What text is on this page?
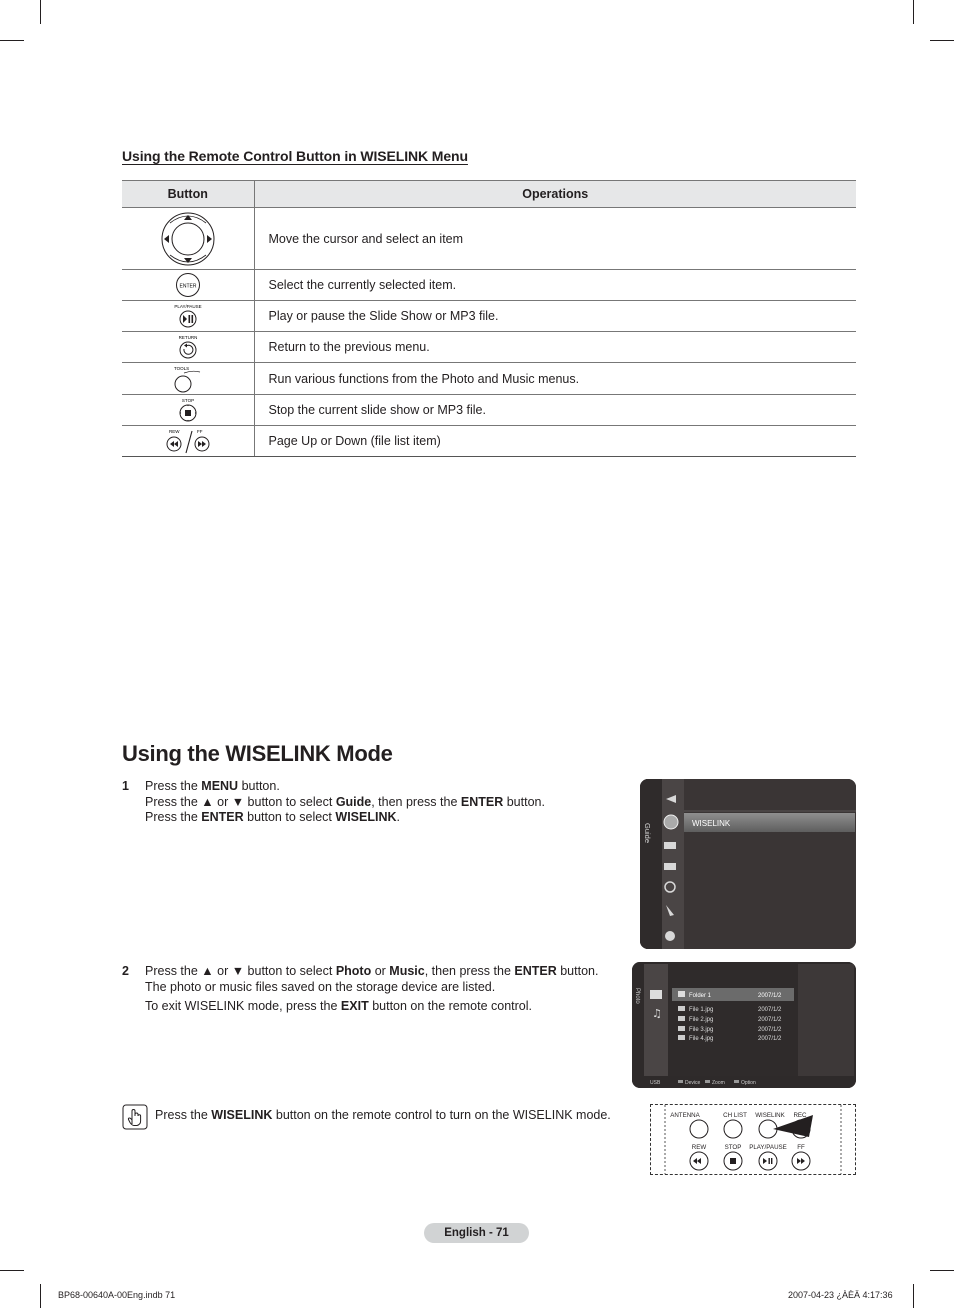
Using the Remote Control Button in WISELINK Menu
Button	Operations
	Move the cursor and select an item

ENTER	Select the currently selected item.

PLAY/PAUSE	Play or pause the Slide Show or MP3 file.

RETURN	Return to the previous menu.

TOOLS	Run various functions from the Photo and Music menus.

STOP	Stop the current slide show or MP3 file.

REW FF	Page Up or Down (file list item)
Using the WISELINK Mode
1 Press the MENU button.
Press the ▲ or ▼ button to select Guide, then press the ENTER button.
Press the ENTER button to select WISELINK.
2 Press the ▲ or ▼ button to select Photo or Music, then press the ENTER button.
The photo or music files saved on the storage device are listed.
To exit WISELINK mode, press the EXIT button on the remote control.
Press the WISELINK button on the remote control to turn on the WISELINK mode.
Guide	WISELINK
Photo
♫
Folder 1	2007/1/2
File 1.jpg	2007/1/2
File 2.jpg	2007/1/2
File 3.jpg	2007/1/2
File 4.jpg	2007/1/2
USB	Device Zoom	Option
ANTENNA	CH LIST WISELINK REC
REW	STOP PLAY/PAUSE FF
English - 71
BP68-00640A-00Eng.indb 71	2007-04-23 ¿ÀÈÄ 4:17:36
